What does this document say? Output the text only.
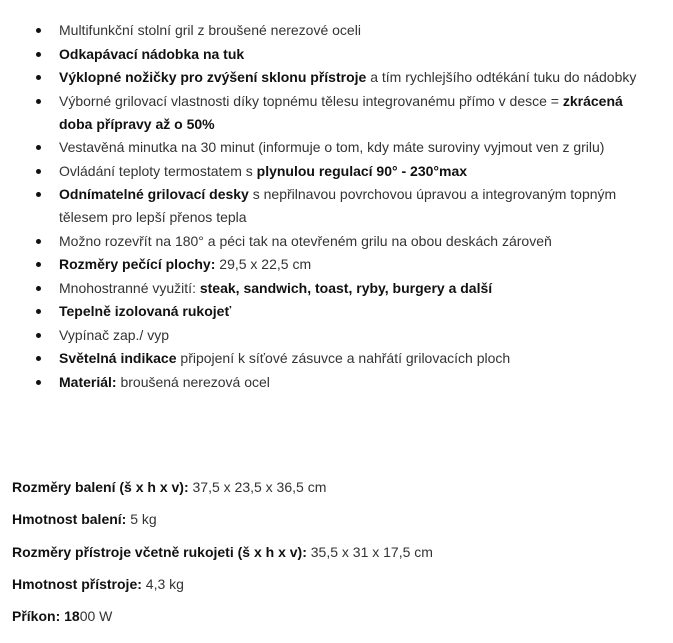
Multifunkční stolní gril z broušené nerezové oceli
Odkapávací nádobka na tuk
Výklopné nožičky pro zvýšení sklonu přístroje a tím rychlejšího odtékání tuku do nádobky
Výborné grilovací vlastnosti díky topnému tělesu integrovanému přímo v desce = zkrácená doba přípravy až o 50%
Vestavěná minutka na 30 minut (informuje o tom, kdy máte suroviny vyjmout ven z grilu)
Ovládání teploty termostatem s plynulou regulací 90° - 230°max
Odnímatelné grilovací desky s nepřilnavou povrchovou úpravou a integrovaným topným tělesem pro lepší přenos tepla
Možno rozevřít na 180° a péci tak na otevřeném grilu na obou deskách zároveň
Rozměry pečící plochy: 29,5 x 22,5 cm
Mnohostranné využití: steak, sandwich, toast, ryby, burgery a další
Tepelně izolovaná rukojeť
Vypínač zap./ vyp
Světelná indikace připojení k síťové zásuvce a nahřátí grilovacích ploch
Materiál: broušená nerezová ocel
Rozměry balení (š x h x v): 37,5 x 23,5 x 36,5 cm
Hmotnost balení: 5 kg
Rozměry přístroje včetně rukojeti (š x h x v): 35,5 x 31 x 17,5 cm
Hmotnost přístroje: 4,3 kg
Příkon: 1800 W
